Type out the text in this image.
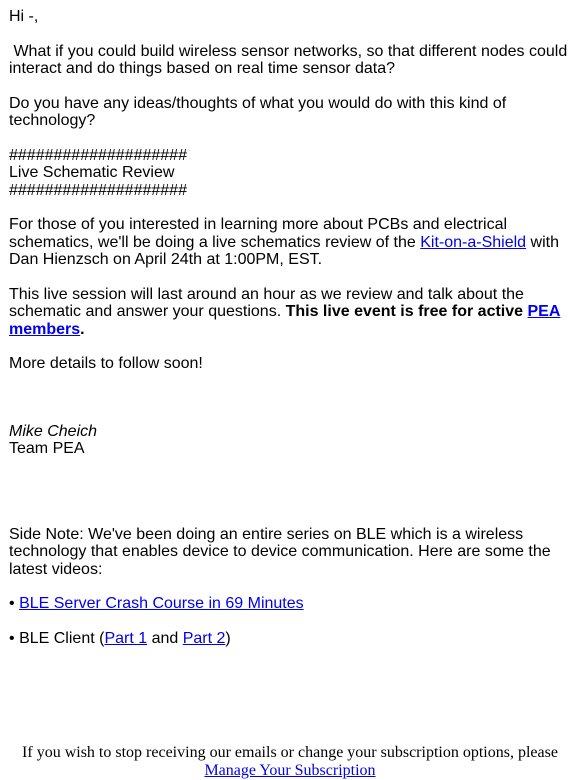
Hi -,

What if you could build wireless sensor networks, so that different nodes could interact and do things based on real time sensor data?

Do you have any ideas/thoughts of what you would do with this kind of technology?

####################

Live Schematic Review

####################

For those of you interested in learning more about PCBs and electrical schematics, we'll be doing a live schematics review of the Kit-on-a-Shield with Dan Hienzsch on April 24th at 1:00PM, EST.

This live session will last around an hour as we review and talk about the schematic and answer your questions. This live event is free for active PEA members.

More details to follow soon!

Mike Cheich

Team PEA

Side Note: We've been doing an entire series on BLE which is a wireless technology that enables device to device communication. Here are some the latest videos:

• BLE Server Crash Course in 69 Minutes

• BLE Client (Part 1 and Part 2)

If you wish to stop receiving our emails or change your subscription options, please
Manage Your Subscription
